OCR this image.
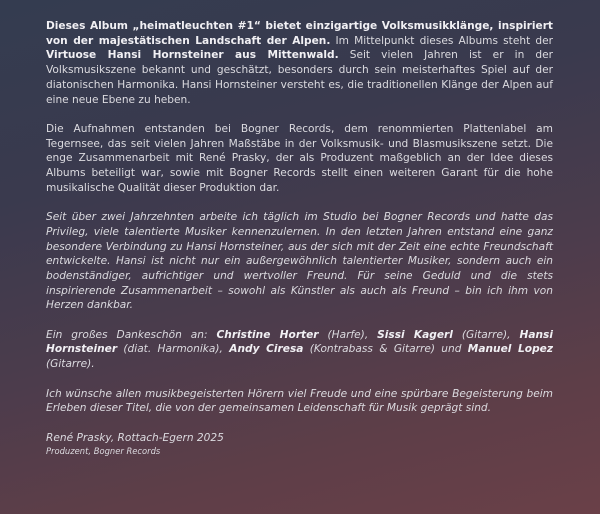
Dieses Album „heimatleuchten #1“ bietet einzigartige Volksmusikklänge, inspiriert von der majestätischen Landschaft der Alpen. Im Mittelpunkt dieses Albums steht der Virtuose Hansi Hornsteiner aus Mittenwald. Seit vielen Jahren ist er in der Volksmusikszene bekannt und geschätzt, besonders durch sein meisterhaftes Spiel auf der diatonischen Harmonika. Hansi Hornsteiner versteht es, die traditionellen Klänge der Alpen auf eine neue Ebene zu heben.

Die Aufnahmen entstanden bei Bogner Records, dem renommierten Plattenlabel am Tegernsee, das seit vielen Jahren Maßstäbe in der Volksmusik- und Blasmusikszene setzt. Die enge Zusammenarbeit mit René Prasky, der als Produzent maßgeblich an der Idee dieses Albums beteiligt war, sowie mit Bogner Records stellt einen weiteren Garant für die hohe musikalische Qualität dieser Produktion dar.

Seit über zwei Jahrzehnten arbeite ich täglich im Studio bei Bogner Records und hatte das Privileg, viele talentierte Musiker kennenzulernen. In den letzten Jahren entstand eine ganz besondere Verbindung zu Hansi Hornsteiner, aus der sich mit der Zeit eine echte Freundschaft entwickelte. Hansi ist nicht nur ein außergewöhnlich talentierter Musiker, sondern auch ein bodenständiger, aufrichtiger und wertvoller Freund. Für seine Geduld und die stets inspirierende Zusammenarbeit – sowohl als Künstler als auch als Freund – bin ich ihm von Herzen dankbar.

Ein großes Dankeschön an: Christine Horter (Harfe), Sissi Kagerl (Gitarre), Hansi Hornsteiner (diat. Harmonika), Andy Ciresa (Kontrabass & Gitarre) und Manuel Lopez (Gitarre).

Ich wünsche allen musikbegeisterten Hörern viel Freude und eine spürbare Begeisterung beim Erleben dieser Titel, die von der gemeinsamen Leidenschaft für Musik geprägt sind.

René Prasky, Rottach-Egern 2025

Produzent, Bogner Records
